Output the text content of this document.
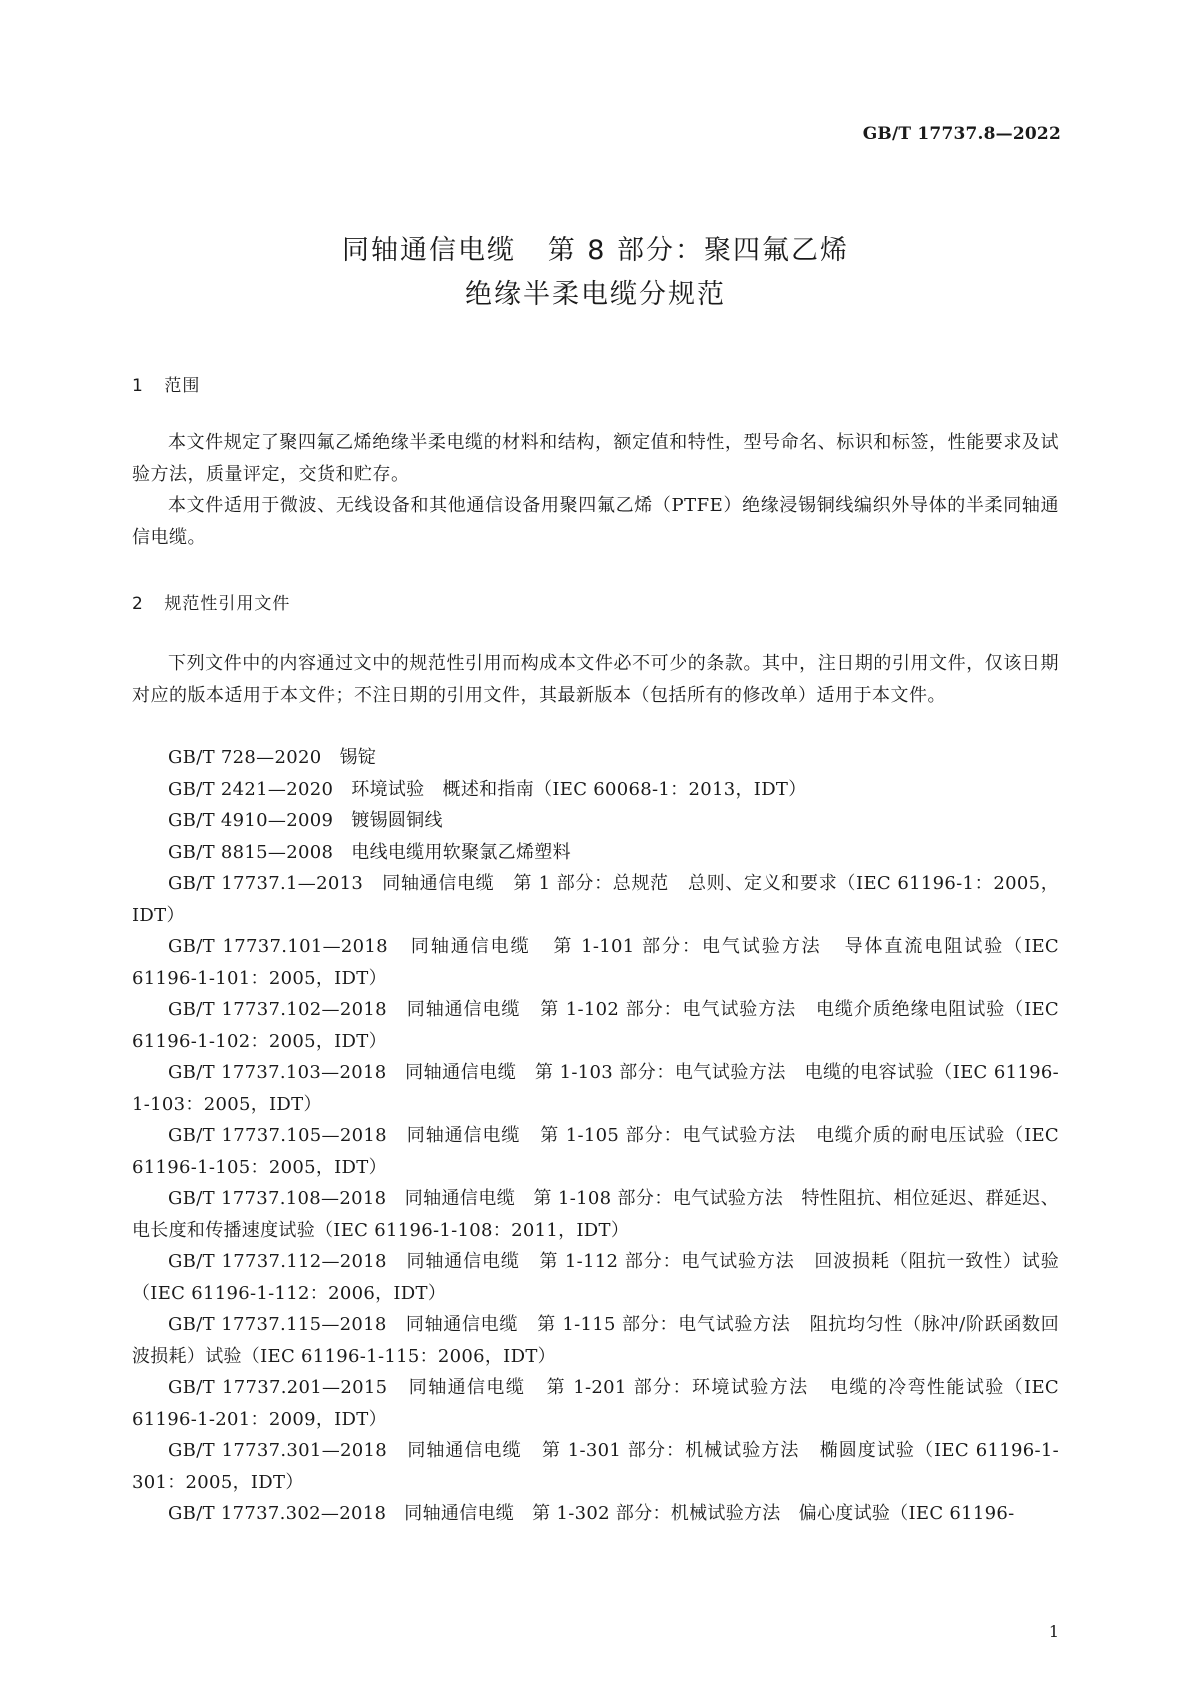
GB/T 17737.8—2022
同轴通信电缆   第 8 部分：聚四氟乙烯
绝缘半柔电缆分规范
1 范围
本文件规定了聚四氟乙烯绝缘半柔电缆的材料和结构，额定值和特性，型号命名、标识和标签，性能要求及试验方法，质量评定，交货和贮存。
本文件适用于微波、无线设备和其他通信设备用聚四氟乙烯（PTFE）绝缘浸锡铜线编织外导体的半柔同轴通信电缆。
2 规范性引用文件
下列文件中的内容通过文中的规范性引用而构成本文件必不可少的条款。其中，注日期的引用文件，仅该日期对应的版本适用于本文件；不注日期的引用文件，其最新版本（包括所有的修改单）适用于本文件。
GB/T 728—2020   锡锭
GB/T 2421—2020   环境试验   概述和指南（IEC 60068-1：2013，IDT）
GB/T 4910—2009   镀锡圆铜线
GB/T 8815—2008   电线电缆用软聚氯乙烯塑料
GB/T 17737.1—2013   同轴通信电缆   第 1 部分：总规范   总则、定义和要求（IEC 61196-1：2005，IDT）
GB/T 17737.101—2018   同轴通信电缆   第 1-101 部分：电气试验方法   导体直流电阻试验（IEC 61196-1-101：2005，IDT）
GB/T 17737.102—2018   同轴通信电缆   第 1-102 部分：电气试验方法   电缆介质绝缘电阻试验（IEC 61196-1-102：2005，IDT）
GB/T 17737.103—2018   同轴通信电缆   第 1-103 部分：电气试验方法   电缆的电容试验（IEC 61196-1-103：2005，IDT）
GB/T 17737.105—2018   同轴通信电缆   第 1-105 部分：电气试验方法   电缆介质的耐电压试验（IEC 61196-1-105：2005，IDT）
GB/T 17737.108—2018   同轴通信电缆   第 1-108 部分：电气试验方法   特性阻抗、相位延迟、群延迟、电长度和传播速度试验（IEC 61196-1-108：2011，IDT）
GB/T 17737.112—2018   同轴通信电缆   第 1-112 部分：电气试验方法   回波损耗（阻抗一致性）试验（IEC 61196-1-112：2006，IDT）
GB/T 17737.115—2018   同轴通信电缆   第 1-115 部分：电气试验方法   阻抗均匀性（脉冲/阶跃函数回波损耗）试验（IEC 61196-1-115：2006，IDT）
GB/T 17737.201—2015   同轴通信电缆   第 1-201 部分：环境试验方法   电缆的冷弯性能试验（IEC 61196-1-201：2009，IDT）
GB/T 17737.301—2018   同轴通信电缆   第 1-301 部分：机械试验方法   椭圆度试验（IEC 61196-1-301：2005，IDT）
GB/T 17737.302—2018   同轴通信电缆   第 1-302 部分：机械试验方法   偏心度试验（IEC 61196-
1
